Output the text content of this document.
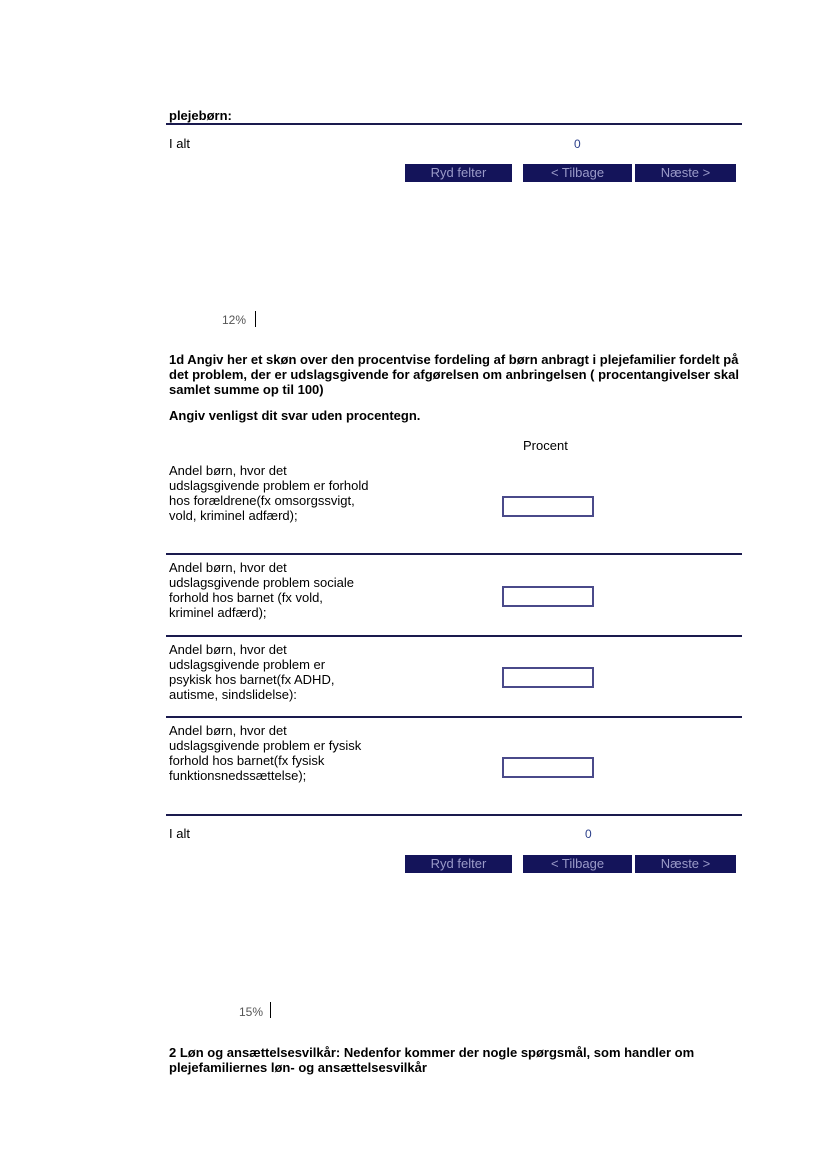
plejebørn:
I alt	0
Ryd felter	< Tilbage	Næste >
12%
1d Angiv her et skøn over den procentvise fordeling af børn anbragt i plejefamilier fordelt på det problem, der er udslagsgivende for afgørelsen om anbringelsen ( procentangivelser skal samlet summe op til 100)
Angiv venligst dit svar uden procentegn.
Procent
Andel børn, hvor det udslagsgivende problem er forhold hos forældrene(fx omsorgssvigt, vold, kriminel adfærd);
Andel børn, hvor det udslagsgivende problem sociale forhold hos barnet (fx vold, kriminel adfærd);
Andel børn, hvor det udslagsgivende problem er psykisk hos barnet(fx ADHD, autisme, sindslidelse):
Andel børn, hvor det udslagsgivende problem er fysisk forhold hos barnet(fx fysisk funktionsnedssættelse);
I alt	0
Ryd felter	< Tilbage	Næste >
15%
2 Løn og ansættelsesvilkår: Nedenfor kommer der nogle spørgsmål, som handler om plejefamiliernes løn- og ansættelsesvilkår
